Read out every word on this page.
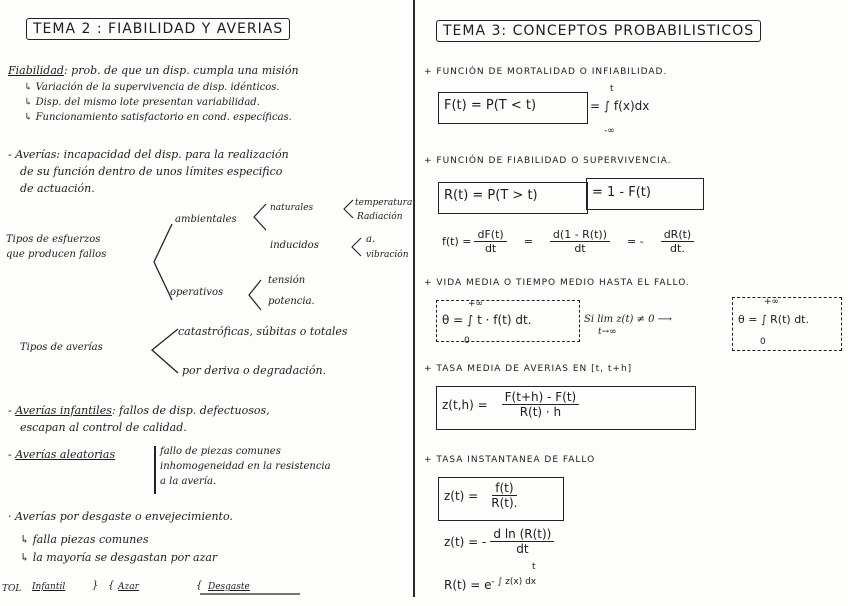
TEMA 2 : FIABILIDAD Y AVERIAS
Fiabilidad: prob. de que un disp. cumpla una misión
↳ Variación de la supervivencia de disp. idénticos.
↳ Disp. del mismo lote presentan variabilidad.
↳ Funcionamiento satisfactorio en cond. específicas.
- Averías: incapacidad del disp. para la realización
de su función dentro de unos límites especifico
de actuación.
Tipos de esfuerzos
que producen fallos
ambientales
naturales	temperatura
Radiación
inducidos
a.
vibración
operativos
tensión
potencia.
Tipos de averías
catastróficas, súbitas o totales
por deriva o degradación.
- Averías infantiles: fallos de disp. defectuosos,
escapan al control de calidad.
- Averías aleatorias	fallo de piezas comunes
inhomogeneidad en la resistencia
a la avería.
· Averías por desgaste o envejecimiento.
↳ falla piezas comunes
↳ la mayoría se desgastan por azar
TOL Infantil	} { Azar	{ Desgaste
TEMA 3: CONCEPTOS PROBABILISTICOS
+ FUNCIÓN DE MORTALIDAD O INFIABILIDAD.
F(t) = P(T < t)	= ∫ f(x)dx
t
-∞
+ FUNCIÓN DE FIABILIDAD O SUPERVIVENCIA.
R(t) = P(T > t)	= 1 - F(t)
$f(t) = \frac{dF(t)}{dt} = \frac{d(1 - R(t))}{dt}$ = - $\frac{dR(t)}{dt.}$
+ VIDA MEDIA O TIEMPO MEDIO HASTA EL FALLO.
θ = ∫ t · f(t) dt.
+∞
0
Si lim z(t) ≠ 0 ⟶
t→∞
θ = ∫ R(t) dt.
+∞
0
+ TASA MEDIA DE AVERIAS EN [t, t+h]
$z(t,h) = \frac{F(t+h) - F(t)}{R(t) \cdot h}$
+ TASA INSTANTANEA DE FALLO
$z(t) = \frac{f(t)}{R(t).}$
z(t) = - $\frac{\text{d ln (R(t))}}{dt}$
$R(t) = e^{- \int z(x) dx}$
t
